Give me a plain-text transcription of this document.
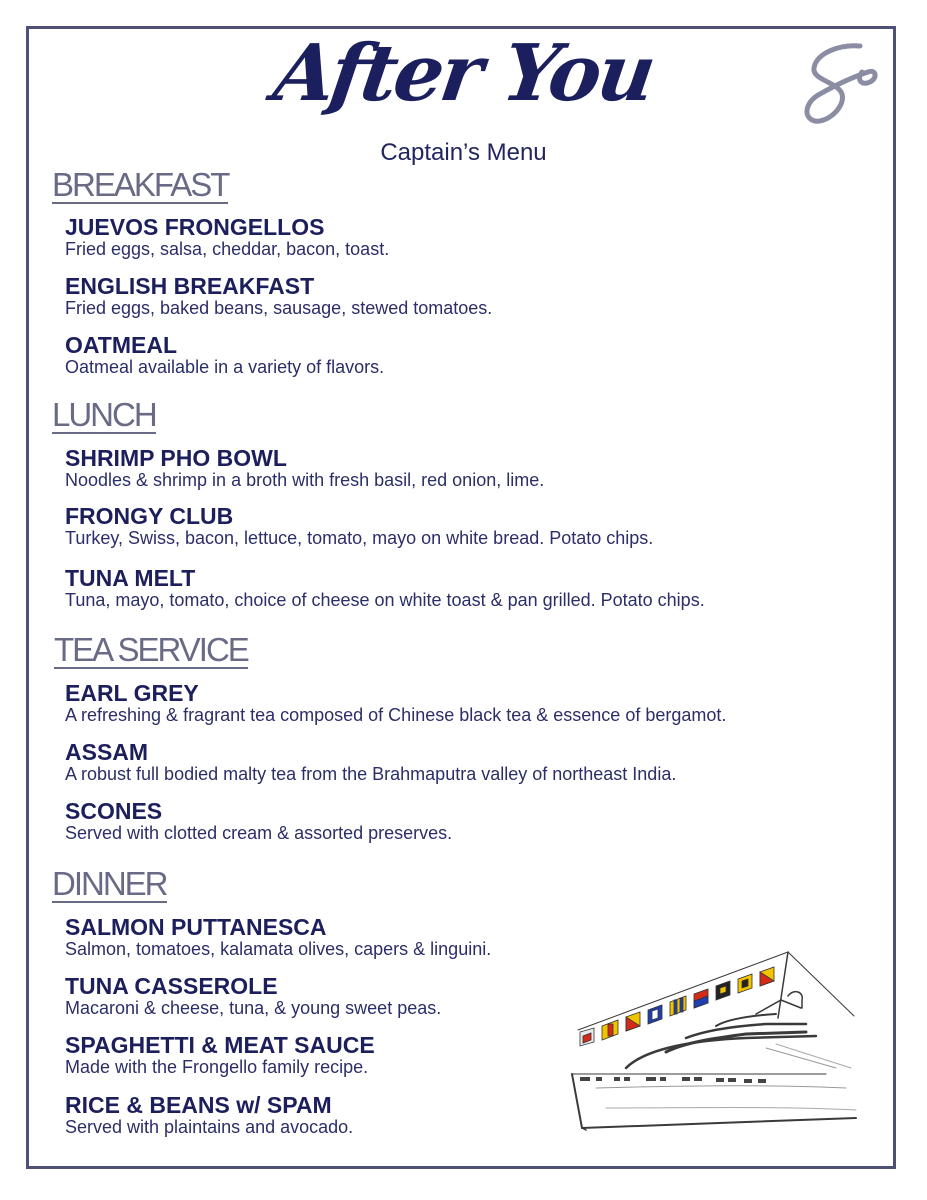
After You
Captain’s Menu
BREAKFAST
JUEVOS FRONGELLOS
Fried eggs, salsa, cheddar, bacon, toast.
ENGLISH BREAKFAST
Fried eggs, baked beans, sausage, stewed tomatoes.
OATMEAL
Oatmeal available in a variety of flavors.
LUNCH
SHRIMP PHO BOWL
Noodles & shrimp in a broth with fresh basil, red onion, lime.
FRONGY CLUB
Turkey, Swiss, bacon, lettuce, tomato, mayo on white bread. Potato chips.
TUNA MELT
Tuna, mayo, tomato, choice of cheese on white toast & pan grilled. Potato chips.
TEA SERVICE
EARL GREY
A refreshing & fragrant tea composed of Chinese black tea & essence of bergamot.
ASSAM
A robust full bodied malty tea from the Brahmaputra valley of northeast India.
SCONES
Served with clotted cream & assorted preserves.
DINNER
SALMON PUTTANESCA
Salmon, tomatoes, kalamata olives, capers & linguini.
TUNA CASSEROLE
Macaroni & cheese, tuna, & young sweet peas.
SPAGHETTI & MEAT SAUCE
Made with the Frongello family recipe.
RICE & BEANS w/ SPAM
Served with plaintains and avocado.
